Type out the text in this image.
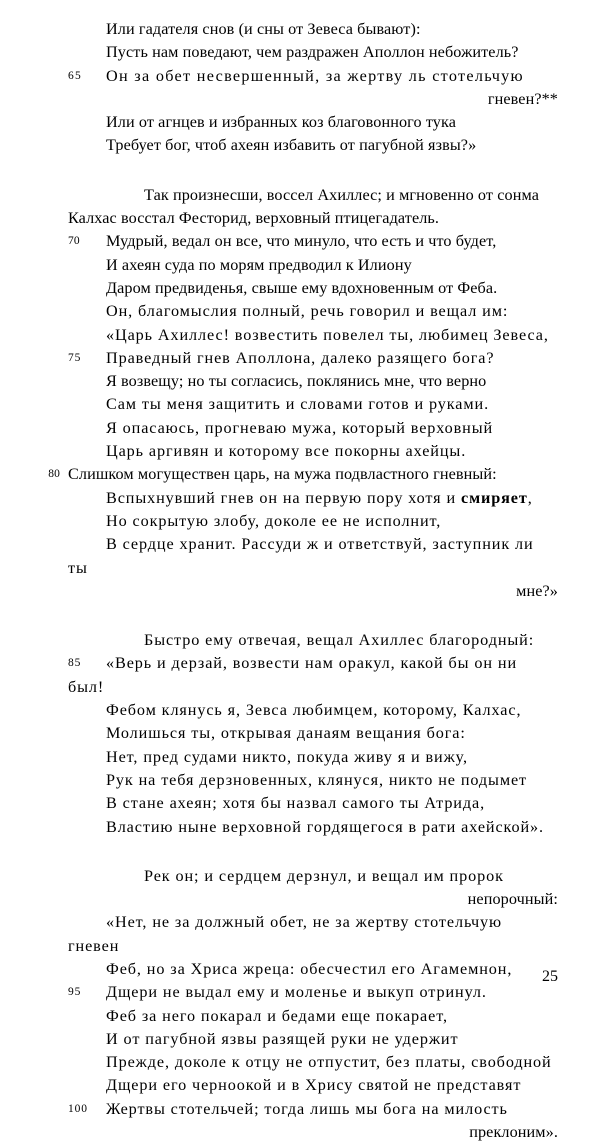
Или гадателя снов (и сны от Зевеса бывают):
Пусть нам поведают, чем раздражен Аполлон небожитель?
65 Он за обет несвершенный, за жертву ль стотельчую
гневен?**
Или от агнцев и избранных коз благовонного тука
Требует бог, чтоб ахеян избавить от пагубной язвы?»
Так произнесши, воссел Ахиллес; и мгновенно от сонма
Калхас восстал Фесторид, верховный птицегадатель.
70 Мудрый, ведал он все, что минуло, что есть и что будет,
И ахеян суда по морям предводил к Илиону
Даром предвиденья, свыше ему вдохновенным от Феба.
Он, благомыслия полный, речь говорил и вещал им:
«Царь Ахиллес! возвестить повелел ты, любимец Зевеса,
75 Праведный гнев Аполлона, далеко разящего бога?
Я возвещу; но ты согласись, поклянись мне, что верно
Сам ты меня защитить и словами готов и руками.
Я опасаюсь, прогневаю мужа, который верховный
Царь аргивян и которому все покорны ахейцы.
80 Слишком могуществен царь, на мужа подвластного гневный:
Вспыхнувший гнев он на первую пору хотя и смиряет,
Но сокрытую злобу, доколе ее не исполнит,
В сердце хранит. Рассуди ж и ответствуй, заступник ли ты
мне?»
Быстро ему отвечая, вещал Ахиллес благородный:
85 «Верь и дерзай, возвести нам оракул, какой бы он ни был!
Фебом клянусь я, Зевса любимцем, которому, Калхас,
Молишься ты, открывая данаям вещания бога:
Нет, пред судами никто, покуда живу я и вижу,
Рук на тебя дерзновенных, клянуся, никто не подымет
В стане ахеян; хотя бы назвал самого ты Атрида,
Властию ныне верховной гордящегося в рати ахейской».
Рек он; и сердцем дерзнул, и вещал им пророк
непорочный:
«Нет, не за должный обет, не за жертву стотельчую гневен
Феб, но за Хриса жреца: обесчестил его Агамемнон,
95 Дщери не выдал ему и моленье и выкуп отринул.
Феб за него покарал и бедами еще покарает,
И от пагубной язвы разящей руки не удержит
Прежде, доколе к отцу не отпустит, без платы, свободной
Дщери его черноокой и в Хрису святой не представят
100 Жертвы стотельчей; тогда лишь мы бога на милость
преклоним».
25
